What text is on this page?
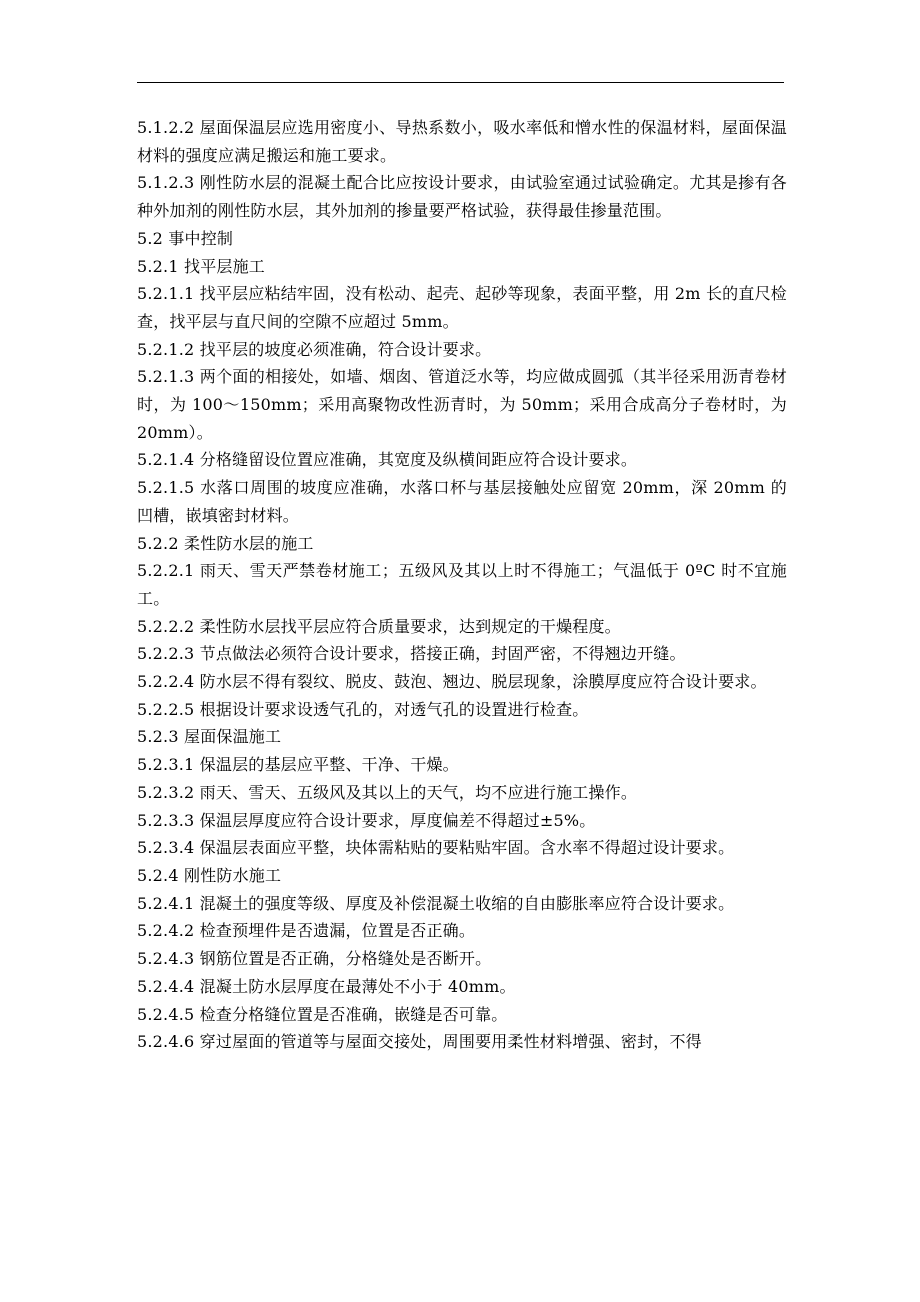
5.1.2.2 屋面保温层应选用密度小、导热系数小，吸水率低和憎水性的保温材料，屋面保温材料的强度应满足搬运和施工要求。

5.1.2.3 刚性防水层的混凝土配合比应按设计要求，由试验室通过试验确定。尤其是掺有各种外加剂的刚性防水层，其外加剂的掺量要严格试验，获得最佳掺量范围。

5.2 事中控制

5.2.1 找平层施工

5.2.1.1 找平层应粘结牢固，没有松动、起壳、起砂等现象，表面平整，用 2m 长的直尺检查，找平层与直尺间的空隙不应超过 5mm。

5.2.1.2 找平层的坡度必须准确，符合设计要求。

5.2.1.3 两个面的相接处，如墙、烟囱、管道泛水等，均应做成圆弧（其半径采用沥青卷材时，为 100～150mm；采用高聚物改性沥青时，为 50mm；采用合成高分子卷材时，为 20mm）。

5.2.1.4 分格缝留设位置应准确，其宽度及纵横间距应符合设计要求。

5.2.1.5 水落口周围的坡度应准确，水落口杯与基层接触处应留宽 20mm，深 20mm 的凹槽，嵌填密封材料。

5.2.2 柔性防水层的施工

5.2.2.1 雨天、雪天严禁卷材施工；五级风及其以上时不得施工；气温低于 0ºC 时不宜施工。

5.2.2.2 柔性防水层找平层应符合质量要求，达到规定的干燥程度。

5.2.2.3 节点做法必须符合设计要求，搭接正确，封固严密，不得翘边开缝。

5.2.2.4 防水层不得有裂纹、脱皮、鼓泡、翘边、脱层现象，涂膜厚度应符合设计要求。

5.2.2.5 根据设计要求设透气孔的，对透气孔的设置进行检查。

5.2.3 屋面保温施工

5.2.3.1 保温层的基层应平整、干净、干燥。

5.2.3.2 雨天、雪天、五级风及其以上的天气，均不应进行施工操作。

5.2.3.3 保温层厚度应符合设计要求，厚度偏差不得超过±5%。

5.2.3.4 保温层表面应平整，块体需粘贴的要粘贴牢固。含水率不得超过设计要求。

5.2.4 刚性防水施工

5.2.4.1 混凝土的强度等级、厚度及补偿混凝土收缩的自由膨胀率应符合设计要求。

5.2.4.2 检查预埋件是否遗漏，位置是否正确。

5.2.4.3 钢筋位置是否正确，分格缝处是否断开。

5.2.4.4 混凝土防水层厚度在最薄处不小于 40mm。

5.2.4.5 检查分格缝位置是否准确，嵌缝是否可靠。

5.2.4.6 穿过屋面的管道等与屋面交接处，周围要用柔性材料增强、密封，不得
